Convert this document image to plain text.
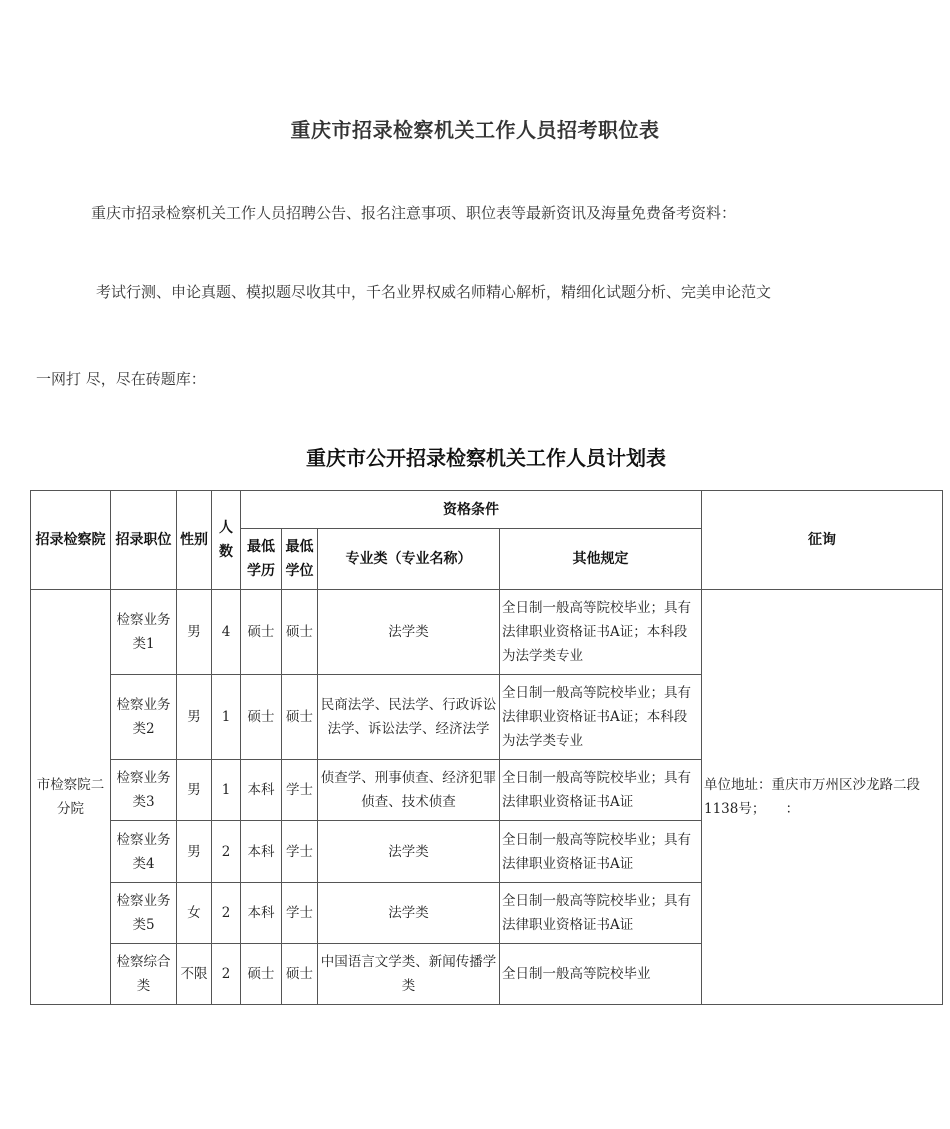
重庆市招录检察机关工作人员招考职位表

重庆市招录检察机关工作人员招聘公告、报名注意事项、职位表等最新资讯及海量免费备考资料：

考试行测、申论真题、模拟题尽收其中，千名业界权威名师精心解析，精细化试题分析、完美申论范文

一网打 尽，尽在砖题库：

重庆市公开招录检察机关工作人员计划表
招录检察院	招录职位	性别	人数	资格条件				征询
				最低学历	最低学位	专业类（专业名称）	其他规定	
市检察院二分院	检察业务类1	男	4	硕士	硕士	法学类	全日制一般高等院校毕业；具有法律职业资格证书A证；本科段为法学类专业	单位地址：重庆市万州区沙龙路二段1138号；　　：
	检察业务类2	男	1	硕士	硕士	民商法学、民法学、行政诉讼法学、诉讼法学、经济法学	全日制一般高等院校毕业；具有法律职业资格证书A证；本科段为法学类专业	
	检察业务类3	男	1	本科	学士	侦查学、刑事侦查、经济犯罪侦查、技术侦查	全日制一般高等院校毕业；具有法律职业资格证书A证	
	检察业务类4	男	2	本科	学士	法学类	全日制一般高等院校毕业；具有法律职业资格证书A证	
	检察业务类5	女	2	本科	学士	法学类	全日制一般高等院校毕业；具有法律职业资格证书A证	
	检察综合类	不限	2	硕士	硕士	中国语言文学类、新闻传播学类	全日制一般高等院校毕业	
